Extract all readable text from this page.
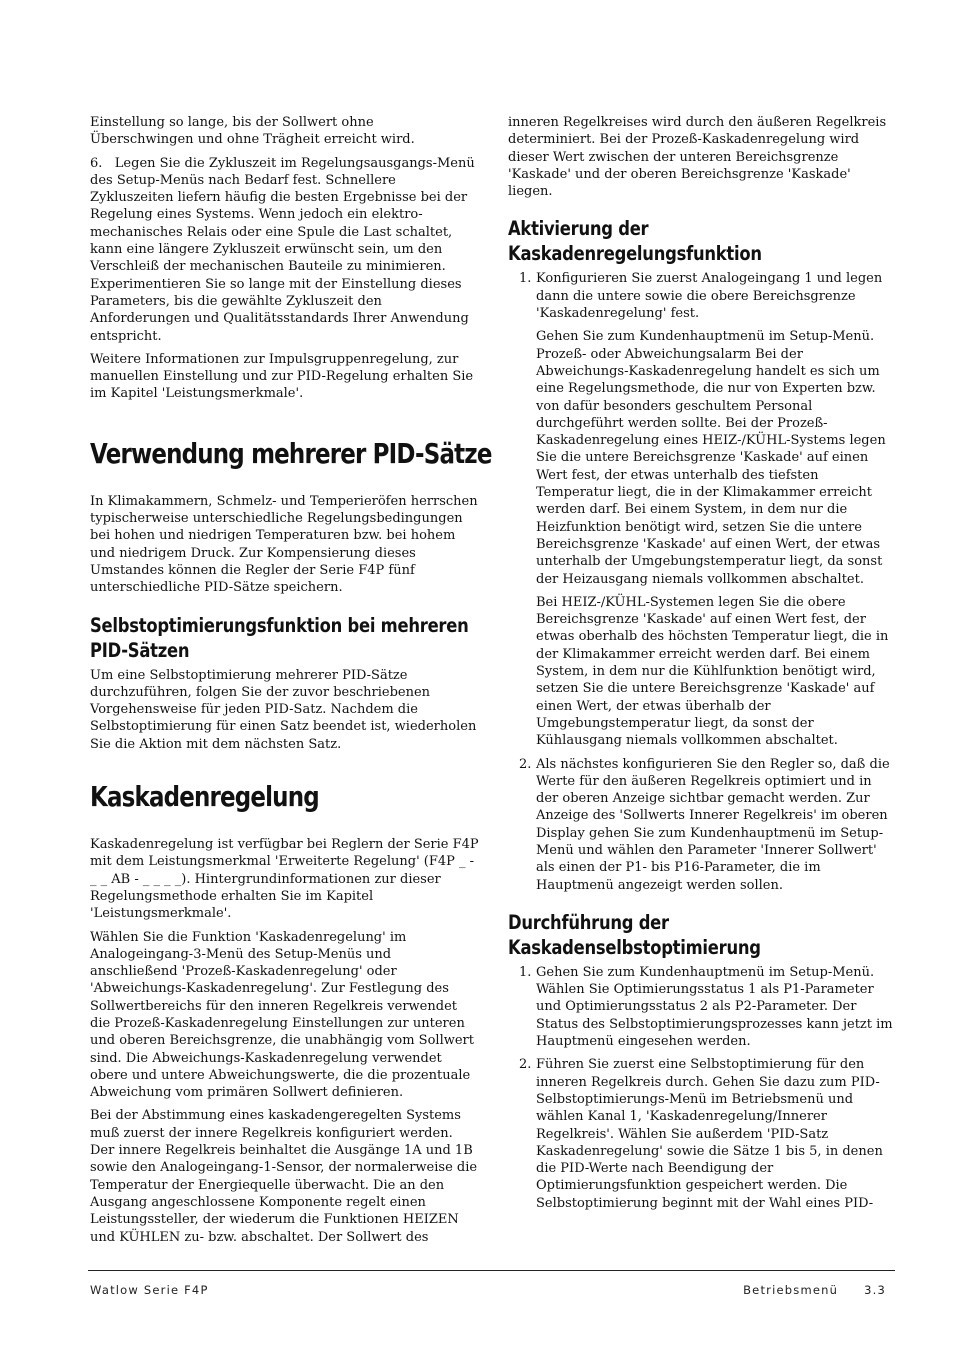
Einstellung so lange, bis der Sollwert ohne Überschwingen und ohne Trägheit erreicht wird.

6.   Legen Sie die Zykluszeit im Regelungsausgangs-Menü des Setup-Menüs nach Bedarf fest. Schnellere Zykluszeiten liefern häufig die besten Ergebnisse bei der Regelung eines Systems. Wenn jedoch ein elektro-mechanisches Relais oder eine Spule die Last schaltet, kann eine längere Zykluszeit erwünscht sein, um den Verschleiß der mechanischen Bauteile zu minimieren. Experimentieren Sie so lange mit der Einstellung dieses Parameters, bis die gewählte Zykluszeit den Anforderungen und Qualitätsstandards Ihrer Anwendung entspricht.

Weitere Informationen zur Impulsgruppenregelung, zur manuellen Einstellung und zur PID-Regelung erhalten Sie im Kapitel 'Leistungsmerkmale'.

Verwendung mehrerer PID-Sätze

In Klimakammern, Schmelz- und Temperieröfen herrschen typischerweise unterschiedliche Regelungsbedingungen bei hohen und niedrigen Temperaturen bzw. bei hohem und niedrigem Druck. Zur Kompensierung dieses Umstandes können die Regler der Serie F4P fünf unterschiedliche PID-Sätze speichern.

Selbstoptimierungsfunktion bei mehreren PID-Sätzen

Um eine Selbstoptimierung mehrerer PID-Sätze durchzuführen, folgen Sie der zuvor beschriebenen Vorgehensweise für jeden PID-Satz. Nachdem die Selbstoptimierung für einen Satz beendet ist, wiederholen Sie die Aktion mit dem nächsten Satz.

Kaskadenregelung

Kaskadenregelung ist verfügbar bei Reglern der Serie F4P mit dem Leistungsmerkmal 'Erweiterte Regelung' (F4P _ - _ _ AB - _ _ _ _). Hintergrundinformationen zur dieser Regelungsmethode erhalten Sie im Kapitel 'Leistungsmerkmale'.

Wählen Sie die Funktion 'Kaskadenregelung' im Analogeingang-3-Menü des Setup-Menüs und anschließend 'Prozeß-Kaskadenregelung' oder 'Abweichungs-Kaskadenregelung'. Zur Festlegung des Sollwertbereichs für den inneren Regelkreis verwendet die Prozeß-Kaskadenregelung Einstellungen zur unteren und oberen Bereichsgrenze, die unabhängig vom Sollwert sind. Die Abweichungs-Kaskadenregelung verwendet obere und untere Abweichungswerte, die die prozentuale Abweichung vom primären Sollwert definieren.

Bei der Abstimmung eines kaskadengeregelten Systems muß zuerst der innere Regelkreis konfiguriert werden. Der innere Regelkreis beinhaltet die Ausgänge 1A und 1B sowie den Analogeingang-1-Sensor, der normalerweise die Temperatur der Energiequelle überwacht. Die an den Ausgang angeschlossene Komponente regelt einen Leistungssteller, der wiederum die Funktionen HEIZEN und KÜHLEN zu- bzw. abschaltet. Der Sollwert des

inneren Regelkreises wird durch den äußeren Regelkreis determiniert. Bei der Prozeß-Kaskadenregelung wird dieser Wert zwischen der unteren Bereichsgrenze 'Kaskade' und der oberen Bereichsgrenze 'Kaskade' liegen.

Aktivierung der Kaskadenregelungsfunktion
1. Konfigurieren Sie zuerst Analogeingang 1 und legen dann die untere sowie die obere Bereichsgrenze 'Kaskadenregelung' fest.

Gehen Sie zum Kundenhauptmenü im Setup-Menü. Prozeß- oder Abweichungsalarm Bei der Abweichungs-Kaskadenregelung handelt es sich um eine Regelungsmethode, die nur von Experten bzw. von dafür besonders geschultem Personal durchgeführt werden sollte. Bei der Prozeß-Kaskadenregelung eines HEIZ-/KÜHL-Systems legen Sie die untere Bereichsgrenze 'Kaskade' auf einen Wert fest, der etwas unterhalb des tiefsten Temperatur liegt, die in der Klimakammer erreicht werden darf. Bei einem System, in dem nur die Heizfunktion benötigt wird, setzen Sie die untere Bereichsgrenze 'Kaskade' auf einen Wert, der etwas unterhalb der Umgebungstemperatur liegt, da sonst der Heizausgang niemals vollkommen abschaltet.

Bei HEIZ-/KÜHL-Systemen legen Sie die obere Bereichsgrenze 'Kaskade' auf einen Wert fest, der etwas oberhalb des höchsten Temperatur liegt, die in der Klimakammer erreicht werden darf. Bei einem System, in dem nur die Kühlfunktion benötigt wird, setzen Sie die untere Bereichsgrenze 'Kaskade' auf einen Wert, der etwas überhalb der Umgebungstemperatur liegt, da sonst der Kühlausgang niemals vollkommen abschaltet.

2. Als nächstes konfigurieren Sie den Regler so, daß die Werte für den äußeren Regelkreis optimiert und in der oberen Anzeige sichtbar gemacht werden. Zur Anzeige des 'Sollwerts Innerer Regelkreis' im oberen Display gehen Sie zum Kundenhauptmenü im Setup-Menü und wählen den Parameter 'Innerer Sollwert' als einen der P1- bis P16-Parameter, die im Hauptmenü angezeigt werden sollen.

Durchführung der Kaskadenselbstoptimierung
1. Gehen Sie zum Kundenhauptmenü im Setup-Menü. Wählen Sie Optimierungsstatus 1 als P1-Parameter und Optimierungsstatus 2 als P2-Parameter. Der Status des Selbstoptimierungsprozesses kann jetzt im Hauptmenü eingesehen werden.

2. Führen Sie zuerst eine Selbstoptimierung für den inneren Regelkreis durch. Gehen Sie dazu zum PID-Selbstoptimierungs-Menü im Betriebsmenü und wählen Kanal 1, 'Kaskadenregelung/Innerer Regelkreis'. Wählen Sie außerdem 'PID-Satz Kaskadenregelung' sowie die Sätze 1 bis 5, in denen die PID-Werte nach Beendigung der Optimierungsfunktion gespeichert werden. Die Selbstoptimierung beginnt mit der Wahl eines PID-

Watlow Serie F4P	Betriebsmenü 3.3
